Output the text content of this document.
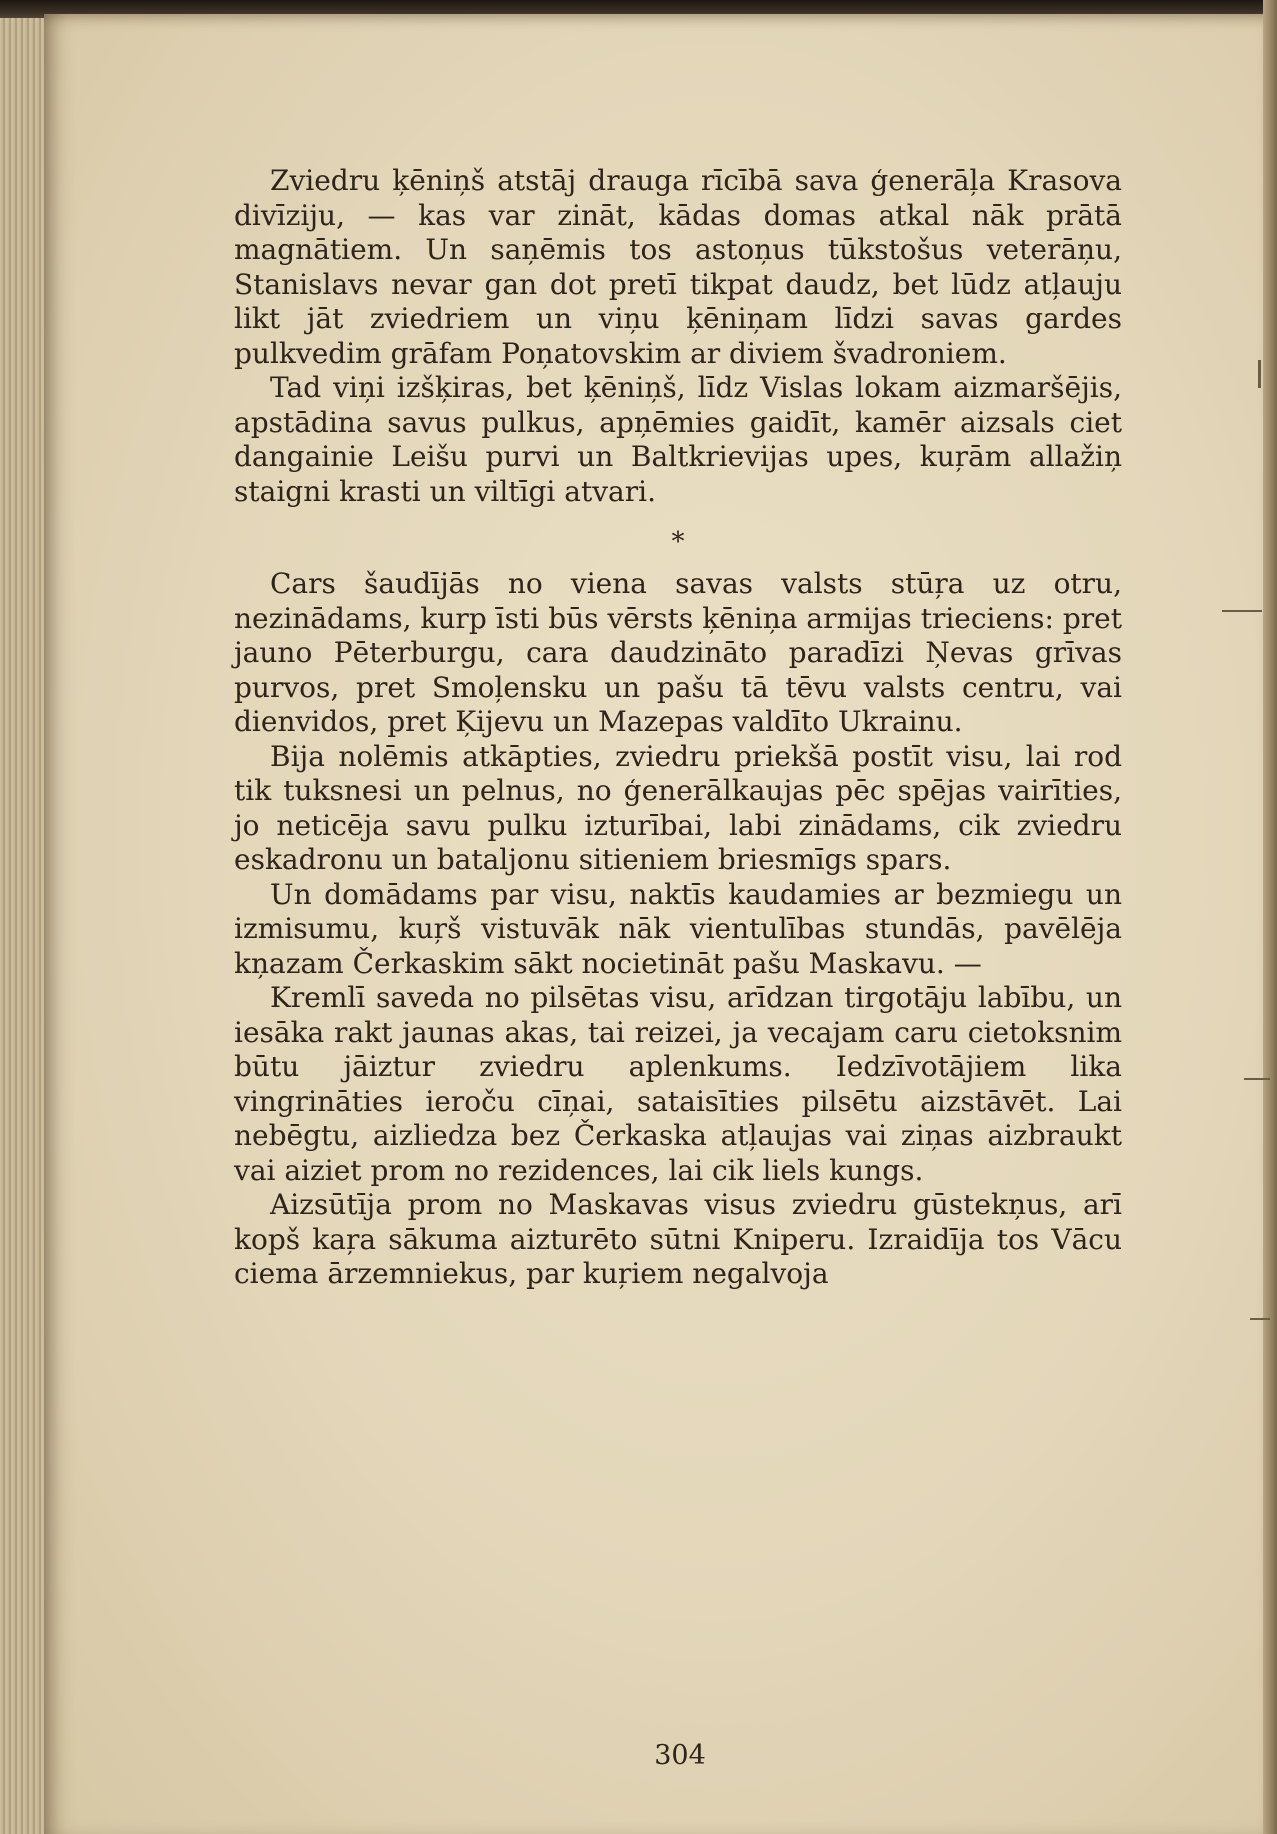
Zviedru ķēniņš atstāj drauga rīcībā sava ģenerāļa Krasova divīziju, — kas var zināt, kādas domas atkal nāk prātā magnātiem. Un saņēmis tos astoņus tūkstošus veterāņu, Stanislavs nevar gan dot pretī tikpat daudz, bet lūdz atļauju likt jāt zviedriem un viņu ķēniņam līdzi savas gardes pulkvedim grāfam Poņatovskim ar diviem švadroniem.

Tad viņi izšķiras, bet ķēniņš, līdz Vislas lokam aizmaršējis, apstādina savus pulkus, apņēmies gaidīt, kamēr aizsals ciet dangainie Leišu purvi un Baltkrievijas upes, kuŗām allažiņ staigni krasti un viltīgi atvari.

*

Cars šaudījās no viena savas valsts stūŗa uz otru, nezinādams, kurp īsti būs vērsts ķēniņa armijas trieciens: pret jauno Pēterburgu, cara daudzināto paradīzi Ņevas grīvas purvos, pret Smoļensku un pašu tā tēvu valsts centru, vai dienvidos, pret Ķijevu un Mazepas valdīto Ukrainu.

Bija nolēmis atkāpties, zviedru priekšā postīt visu, lai rod tik tuksnesi un pelnus, no ģenerālkaujas pēc spējas vairīties, jo neticēja savu pulku izturībai, labi zinādams, cik zviedru eskadronu un bataljonu sitieniem briesmīgs spars.

Un domādams par visu, naktīs kaudamies ar bezmiegu un izmisumu, kuŗš vistuvāk nāk vientulības stundās, pavēlēja kņazam Čerkaskim sākt nocietināt pašu Maskavu. —

Kremlī saveda no pilsētas visu, arīdzan tirgotāju labību, un iesāka rakt jaunas akas, tai reizei, ja vecajam caru cietoksnim būtu jāiztur zviedru aplenkums. Iedzīvotājiem lika vingrināties ieroču cīņai, sataisīties pilsētu aizstāvēt. Lai nebēgtu, aizliedza bez Čerkaska atļaujas vai ziņas aizbraukt vai aiziet prom no rezidences, lai cik liels kungs.

Aizsūtīja prom no Maskavas visus zviedru gūstekņus, arī kopš kaŗa sākuma aizturēto sūtni Kniperu. Izraidīja tos Vācu ciema ārzemniekus, par kuŗiem negalvoja

304
